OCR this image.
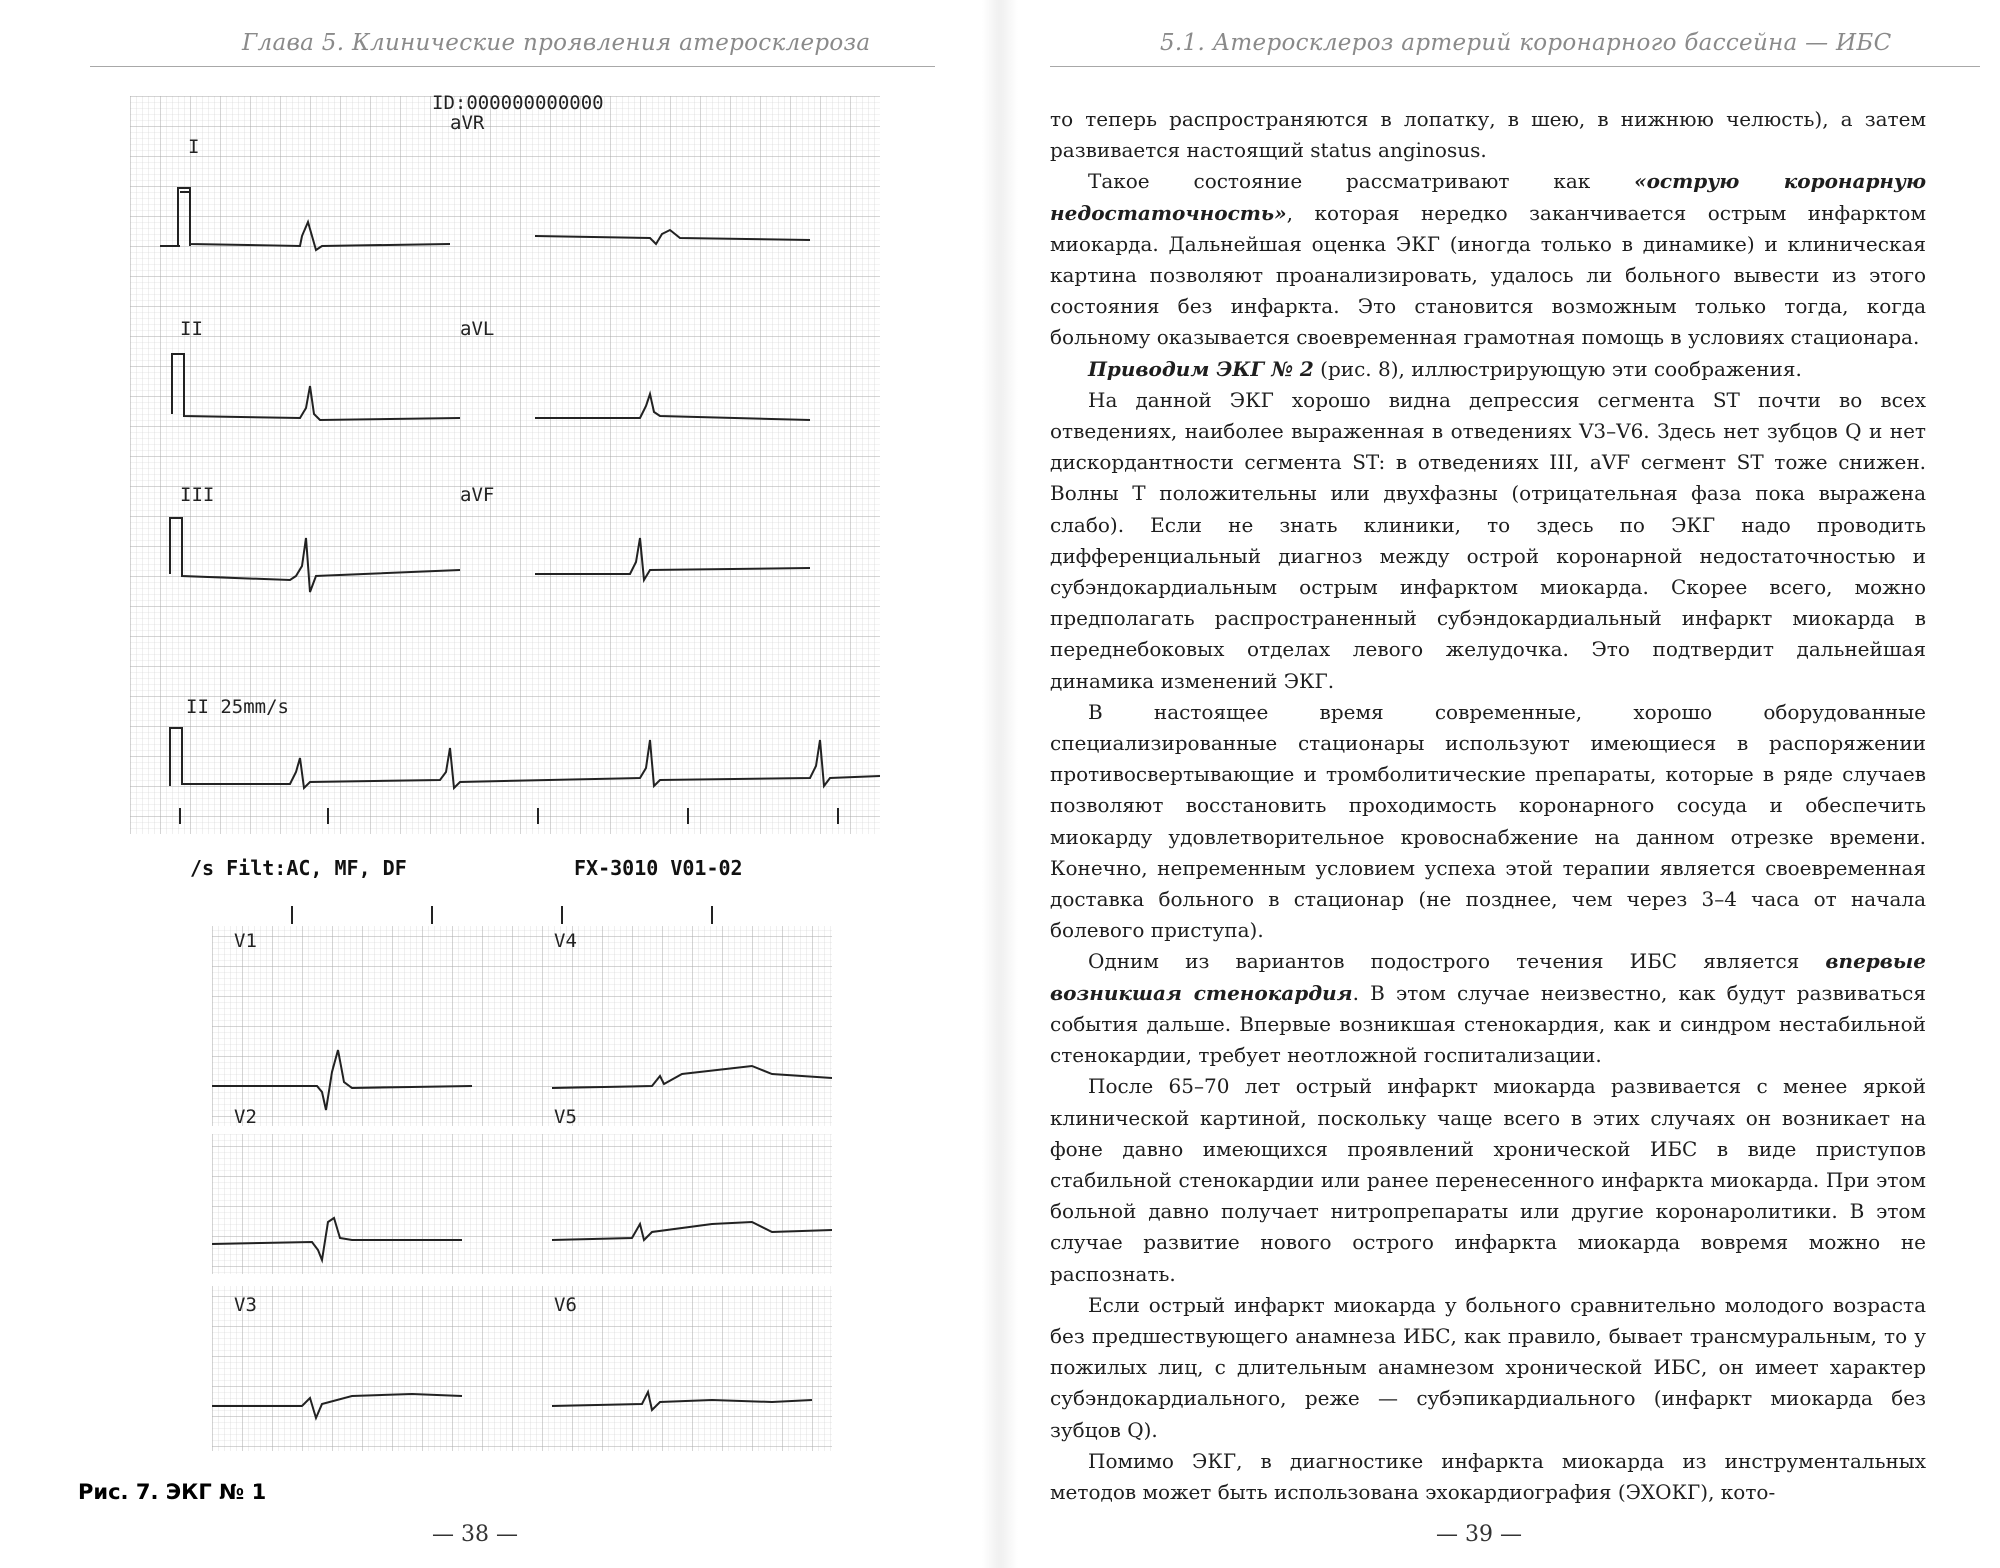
Глава 5. Клинические проявления атеросклероза
ID:000000000000
I
aVR
II	aVL
III	aVF
II 25mm/s
/s Filt:AC, MF, DF	FX-3010 V01-02
V1	V4
V2	V5
V3	V6
Рис. 7. ЭКГ № 1
— 38 —
5.1. Атеросклероз артерий коронарного бассейна — ИБС

то теперь распространяются в лопатку, в шею, в нижнюю челюсть), а затем развивается настоящий status anginosus.

Такое состояние рассматривают как «острую коронарную недостаточность», которая нередко заканчивается острым инфарктом миокарда. Дальнейшая оценка ЭКГ (иногда только в динамике) и клиническая картина позволяют проанализировать, удалось ли больного вывести из этого состояния без инфаркта. Это становится возможным только тогда, когда больному оказывается своевременная грамотная помощь в условиях стационара.

Приводим ЭКГ № 2 (рис. 8), иллюстрирующую эти соображения.

На данной ЭКГ хорошо видна депрессия сегмента ST почти во всех отведениях, наиболее выраженная в отведениях V3–V6. Здесь нет зубцов Q и нет дискордантности сегмента ST: в отведениях III, aVF сегмент ST тоже снижен. Волны T положительны или двухфазны (отрицательная фаза пока выражена слабо). Если не знать клиники, то здесь по ЭКГ надо проводить дифференциальный диагноз между острой коронарной недостаточностью и субэндокардиальным острым инфарктом миокарда. Скорее всего, можно предполагать распространенный субэндокардиальный инфаркт миокарда в переднебоковых отделах левого желудочка. Это подтвердит дальнейшая динамика изменений ЭКГ.

В настоящее время современные, хорошо оборудованные специализированные стационары используют имеющиеся в распоряжении противосвертывающие и тромболитические препараты, которые в ряде случаев позволяют восстановить проходимость коронарного сосуда и обеспечить миокарду удовлетворительное кровоснабжение на данном отрезке времени. Конечно, непременным условием успеха этой терапии является своевременная доставка больного в стационар (не позднее, чем через 3–4 часа от начала болевого приступа).

Одним из вариантов подострого течения ИБС является впервые возникшая стенокардия. В этом случае неизвестно, как будут развиваться события дальше. Впервые возникшая стенокардия, как и синдром нестабильной стенокардии, требует неотложной госпитализации.

После 65–70 лет острый инфаркт миокарда развивается с менее яркой клинической картиной, поскольку чаще всего в этих случаях он возникает на фоне давно имеющихся проявлений хронической ИБС в виде приступов стабильной стенокардии или ранее перенесенного инфаркта миокарда. При этом больной давно получает нитропрепараты или другие коронаролитики. В этом случае развитие нового острого инфаркта миокарда вовремя можно не распознать.

Если острый инфаркт миокарда у больного сравнительно молодого возраста без предшествующего анамнеза ИБС, как правило, бывает трансмуральным, то у пожилых лиц, с длительным анамнезом хронической ИБС, он имеет характер субэндокардиального, реже — субэпикардиального (инфаркт миокарда без зубцов Q).

Помимо ЭКГ, в диагностике инфаркта миокарда из инструментальных методов может быть использована эхокардиография (ЭХОКГ), кото-

— 39 —
